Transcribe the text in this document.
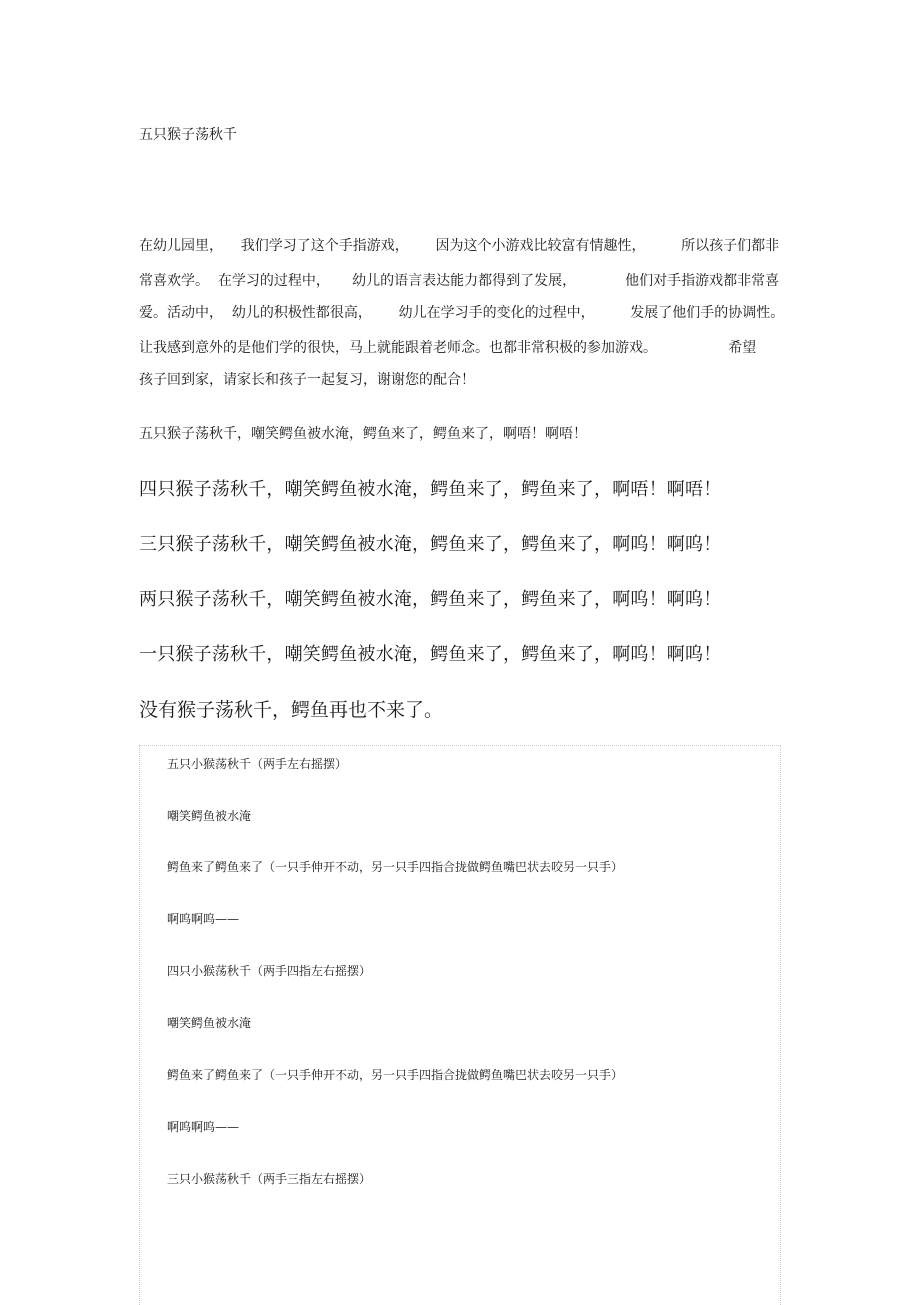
五只猴子荡秋千
在幼儿园里，    我们学习了这个手指游戏，      因为这个小游戏比较富有情趣性，        所以孩子们都非
常喜欢学。  在学习的过程中，     幼儿的语言表达能力都得到了发展，           他们对手指游戏都非常喜
爱。活动中，  幼儿的积极性都很高，      幼儿在学习手的变化的过程中，        发展了他们手的协调性。
让我感到意外的是他们学的很快，马上就能跟着老师念。也都非常积极的参加游戏。                希望
孩子回到家，请家长和孩子一起复习，谢谢您的配合！
五只猴子荡秋千，嘲笑鳄鱼被水淹，鳄鱼来了，鳄鱼来了，啊唔！啊唔！
四只猴子荡秋千，嘲笑鳄鱼被水淹，鳄鱼来了，鳄鱼来了，啊唔！啊唔！
三只猴子荡秋千，嘲笑鳄鱼被水淹，鳄鱼来了，鳄鱼来了，啊呜！啊呜！
两只猴子荡秋千，嘲笑鳄鱼被水淹，鳄鱼来了，鳄鱼来了，啊呜！啊呜！
一只猴子荡秋千，嘲笑鳄鱼被水淹，鳄鱼来了，鳄鱼来了，啊呜！啊呜！
没有猴子荡秋千，鳄鱼再也不来了。
五只小猴荡秋千（两手左右摇摆）
嘲笑鳄鱼被水淹
鳄鱼来了鳄鱼来了（一只手伸开不动，另一只手四指合拢做鳄鱼嘴巴状去咬另一只手）
啊呜啊呜——
四只小猴荡秋千（两手四指左右摇摆）
嘲笑鳄鱼被水淹
鳄鱼来了鳄鱼来了（一只手伸开不动，另一只手四指合拢做鳄鱼嘴巴状去咬另一只手）
啊呜啊呜——
三只小猴荡秋千（两手三指左右摇摆）
